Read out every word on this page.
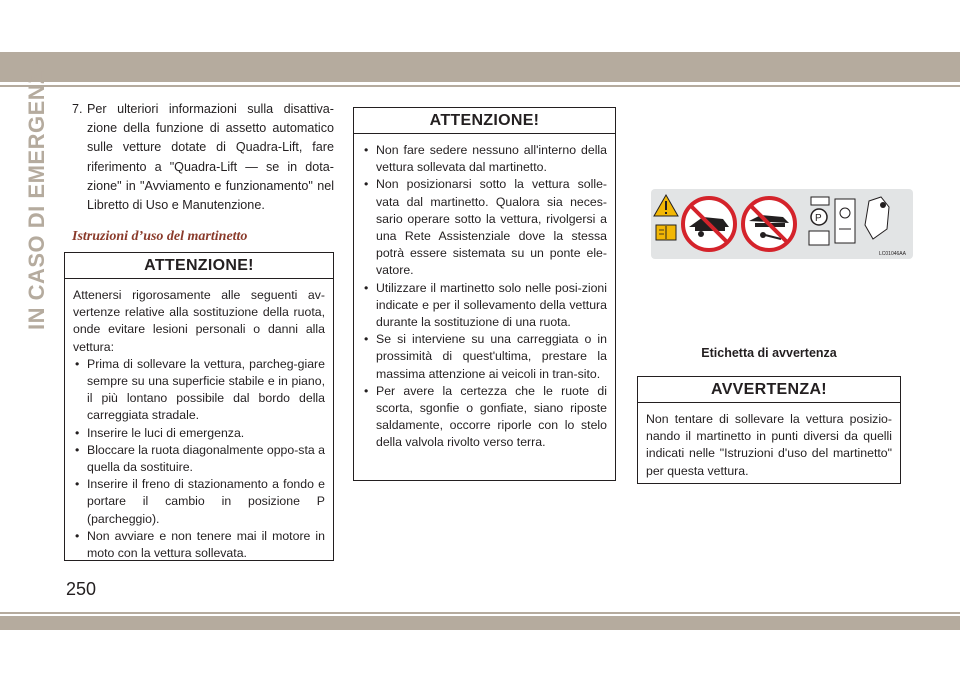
IN CASO DI EMERGENZA 7. Per ulteriori informazioni sulla disattiva-zione della funzione di assetto automatico sulle vetture dotate di Quadra-Lift, fare riferimento a "Quadra-Lift — se in dota-zione" in "Avviamento e funzionamento" nel Libretto di Uso e Manutenzione.

Istruzioni d’uso del martinetto
ATTENZIONE!

Attenersi rigorosamente alle seguenti av-vertenze relative alla sostituzione della ruota, onde evitare lesioni personali o danni alla vettura:

• Prima di sollevare la vettura, parcheg-giare sempre su una superficie stabile e in piano, il più lontano possibile dal bordo della carreggiata stradale.
• Inserire le luci di emergenza.
• Bloccare la ruota diagonalmente oppo-sta a quella da sostituire.
• Inserire il freno di stazionamento a fondo e portare il cambio in posizione P (parcheggio).
• Non avviare e non tenere mai il motore in moto con la vettura sollevata.
ATTENZIONE!
• Non fare sedere nessuno all'interno della vettura sollevata dal martinetto.
• Non posizionarsi sotto la vettura solle-vata dal martinetto. Qualora sia neces-sario operare sotto la vettura, rivolgersi a una Rete Assistenziale dove la stessa potrà essere sistemata su un ponte ele-vatore.
• Utilizzare il martinetto solo nelle posi-zioni indicate e per il sollevamento della vettura durante la sostituzione di una ruota.
• Se si interviene su una carreggiata o in prossimità di quest'ultima, prestare la massima attenzione ai veicoli in tran-sito.
• Per avere la certezza che le ruote di scorta, sgonfie o gonfiate, siano riposte saldamente, occorre riporle con lo stelo della valvola rivolto verso terra.
P
LC01046AA
Etichetta di avvertenza
AVVERTENZA!

Non tentare di sollevare la vettura posizio-nando il martinetto in punti diversi da quelli indicati nelle "Istruzioni d'uso del martinetto" per questa vettura.

250
